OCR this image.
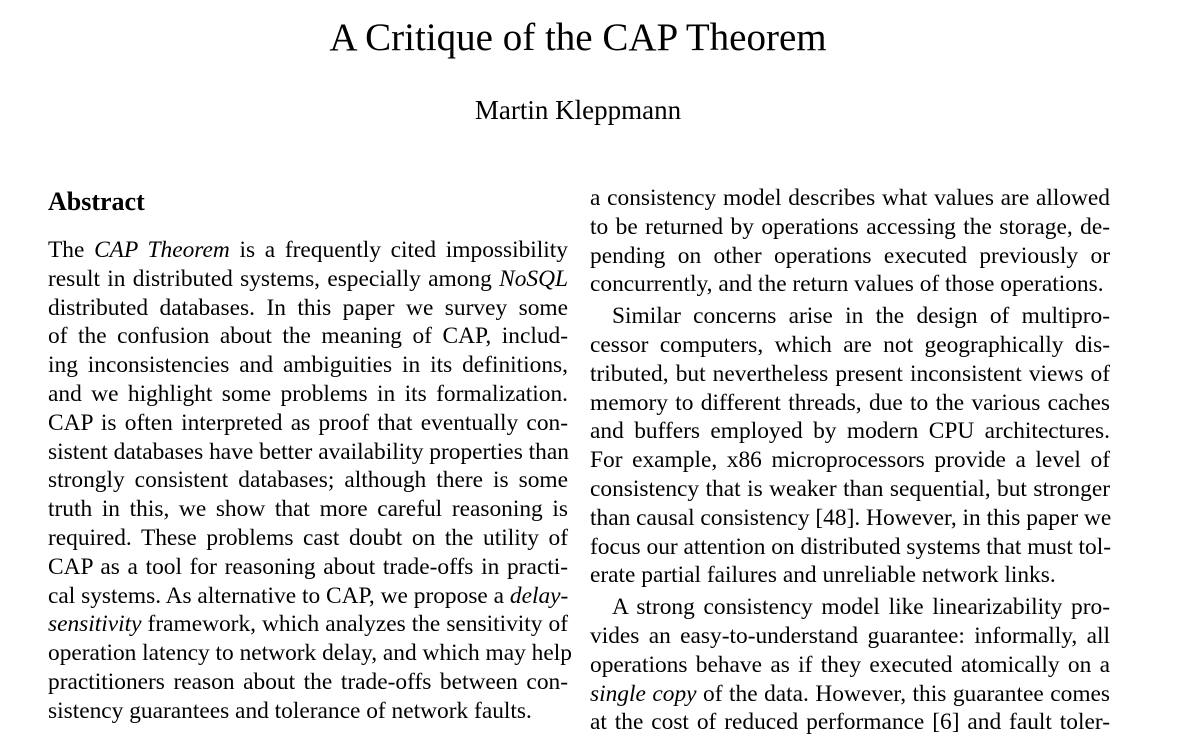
A Critique of the CAP Theorem
Martin Kleppmann
Abstract
The CAP Theorem is a frequently cited impossibility
result in distributed systems, especially among NoSQL
distributed databases. In this paper we survey some
of the confusion about the meaning of CAP, includ-
ing inconsistencies and ambiguities in its definitions,
and we highlight some problems in its formalization.
CAP is often interpreted as proof that eventually con-
sistent databases have better availability properties than
strongly consistent databases; although there is some
truth in this, we show that more careful reasoning is
required. These problems cast doubt on the utility of
CAP as a tool for reasoning about trade-offs in practi-
cal systems. As alternative to CAP, we propose a delay-
sensitivity framework, which analyzes the sensitivity of
operation latency to network delay, and which may help
practitioners reason about the trade-offs between con-
sistency guarantees and tolerance of network faults.
a consistency model describes what values are allowed
to be returned by operations accessing the storage, de-
pending on other operations executed previously or
concurrently, and the return values of those operations.
Similar concerns arise in the design of multipro-
cessor computers, which are not geographically dis-
tributed, but nevertheless present inconsistent views of
memory to different threads, due to the various caches
and buffers employed by modern CPU architectures.
For example, x86 microprocessors provide a level of
consistency that is weaker than sequential, but stronger
than causal consistency [48]. However, in this paper we
focus our attention on distributed systems that must tol-
erate partial failures and unreliable network links.
A strong consistency model like linearizability pro-
vides an easy-to-understand guarantee: informally, all
operations behave as if they executed atomically on a
single copy of the data. However, this guarantee comes
at the cost of reduced performance [6] and fault toler-
